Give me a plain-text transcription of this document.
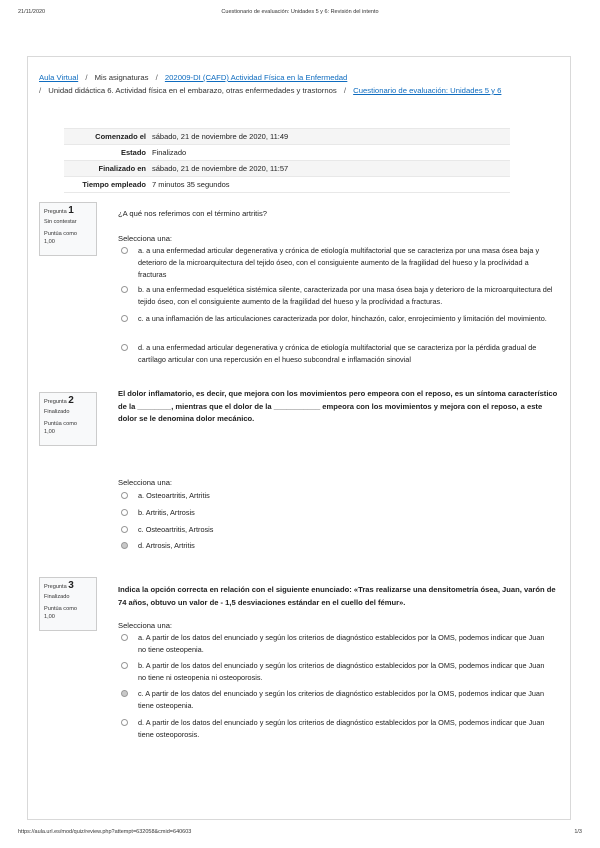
21/11/2020	Cuestionario de evaluación: Unidades 5 y 6: Revisión del intento
Aula Virtual / Mis asignaturas / 202009-DI (CAFD) Actividad Física en la Enfermedad
/ Unidad didáctica 6. Actividad física en el embarazo, otras enfermedades y trastornos / Cuestionario de evaluación: Unidades 5 y 6
Comenzado el sábado, 21 de noviembre de 2020, 11:49
Estado Finalizado
Finalizado en sábado, 21 de noviembre de 2020, 11:57
Tiempo empleado 7 minutos 35 segundos
Pregunta 1
Sin contestar
Puntúa como
1,00
¿A qué nos referimos con el término artritis?
Selecciona una:
a. a una enfermedad articular degenerativa y crónica de etiología multifactorial que se caracteriza por una masa ósea baja y deterioro de la microarquitectura del tejido óseo, con el consiguiente aumento de la fragilidad del hueso y la proclividad a fracturas
b. a una enfermedad esquelética sistémica silente, caracterizada por una masa ósea baja y deterioro de la microarquitectura del tejido óseo, con el consiguiente aumento de la fragilidad del hueso y la proclividad a fracturas.
c. a una inflamación de las articulaciones caracterizada por dolor, hinchazón, calor, enrojecimiento y limitación del movimiento.
d. a una enfermedad articular degenerativa y crónica de etiología multifactorial que se caracteriza por la pérdida gradual de cartílago articular con una repercusión en el hueso subcondral e inflamación sinovial
Pregunta 2
Finalizado
Puntúa como
1,00
El dolor inflamatorio, es decir, que mejora con los movimientos pero empeora con el reposo, es un síntoma característico de la ________, mientras que el dolor de la ___________ empeora con los movimientos y mejora con el reposo, a este dolor se le denomina dolor mecánico.
Selecciona una:
a. Osteoartritis, Artritis
b. Artritis, Artrosis
c. Osteoartritis, Artrosis
d. Artrosis, Artritis
Pregunta 3
Finalizado
Puntúa como
1,00
Indica la opción correcta en relación con el siguiente enunciado: «Tras realizarse una densitometría ósea, Juan, varón de 74 años, obtuvo un valor de - 1,5 desviaciones estándar en el cuello del fémur».
Selecciona una:
a. A partir de los datos del enunciado y según los criterios de diagnóstico establecidos por la OMS, podemos indicar que Juan no tiene osteopenia.
b. A partir de los datos del enunciado y según los criterios de diagnóstico establecidos por la OMS, podemos indicar que Juan no tiene ni osteopenia ni osteoporosis.
c. A partir de los datos del enunciado y según los criterios de diagnóstico establecidos por la OMS, podemos indicar que Juan tiene osteopenia.
d. A partir de los datos del enunciado y según los criterios de diagnóstico establecidos por la OMS, podemos indicar que Juan tiene osteoporosis.
https://aula.url.es/mod/quiz/review.php?attempt=632058&cmid=640603	1/3
